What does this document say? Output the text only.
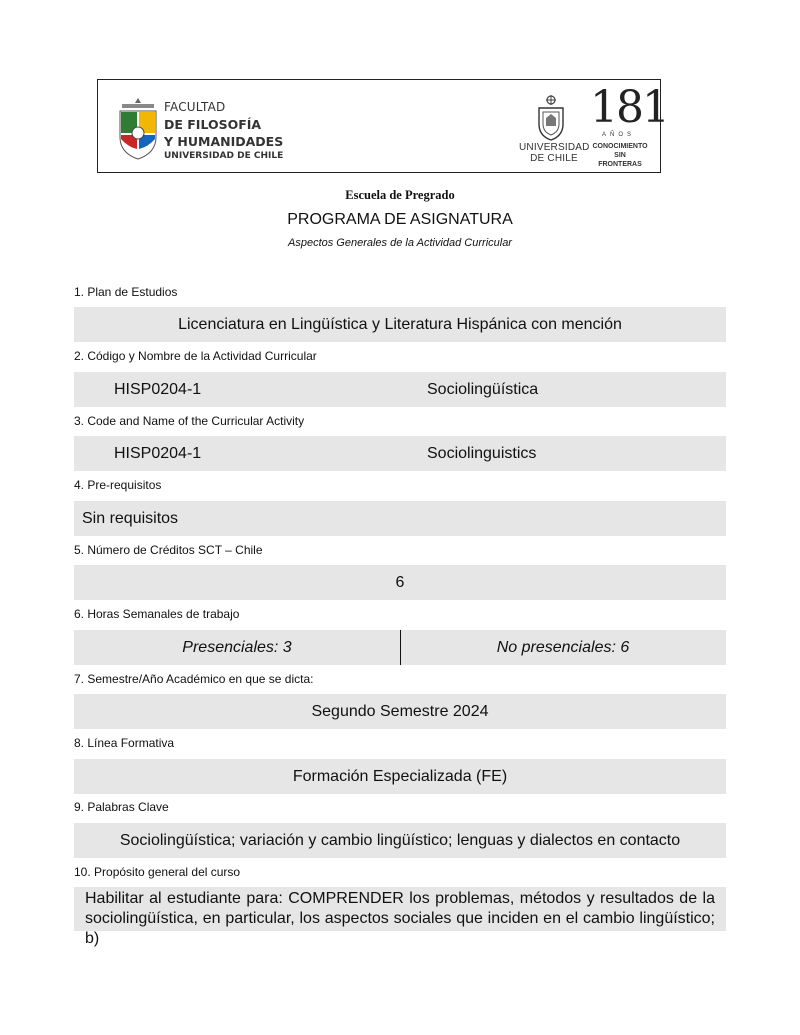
FACULTAD
DE FILOSOFÍA
Y HUMANIDADES
UNIVERSIDAD DE CHILE
UNIVERSIDAD
DE CHILE
181
AÑOS
CONOCIMIENTO
SIN FRONTERAS
Escuela de Pregrado
PROGRAMA DE ASIGNATURA
Aspectos Generales de la Actividad Curricular
1. Plan de Estudios
Licenciatura en Lingüística y Literatura Hispánica con mención
2. Código y Nombre de la Actividad Curricular
HISP0204-1	Sociolingüística
3. Code and Name of the Curricular Activity
HISP0204-1	Sociolinguistics
4. Pre-requisitos
Sin requisitos
5. Número de Créditos SCT – Chile
6
6. Horas Semanales de trabajo
Presenciales: 3	No presenciales: 6
7. Semestre/Año Académico en que se dicta:
Segundo Semestre 2024
8. Línea Formativa
Formación Especializada (FE)
9. Palabras Clave
Sociolingüística; variación y cambio lingüístico; lenguas y dialectos en contacto
10. Propósito general del curso
Habilitar al estudiante para: COMPRENDER los problemas, métodos y resultados de la
sociolingüística, en particular, los aspectos sociales que inciden en el cambio lingüístico; b)
